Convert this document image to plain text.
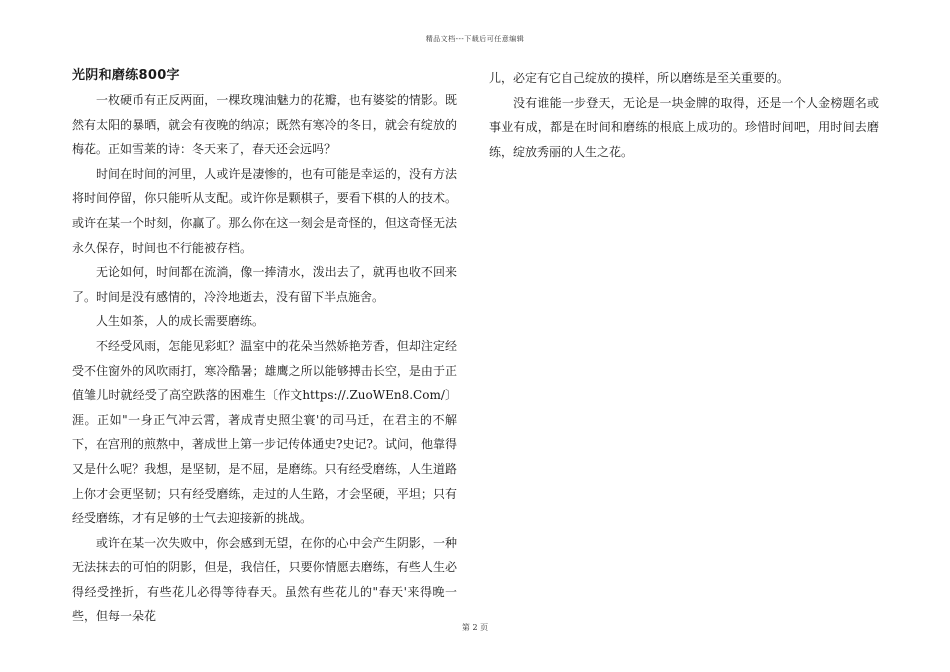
精品文档---下载后可任意编辑
光阴和磨练800字

一枚硬币有正反两面，一棵玫瑰油魅力的花瓣，也有婆娑的情影。既然有太阳的暴晒，就会有夜晚的纳凉；既然有寒冷的冬日，就会有绽放的梅花。正如雪莱的诗：冬天来了，春天还会远吗？

时间在时间的河里，人或许是凄惨的，也有可能是幸运的，没有方法将时间停留，你只能听从支配。或许你是颗棋子，要看下棋的人的技术。或许在某一个时刻，你赢了。那么你在这一刻会是奇怪的，但这奇怪无法永久保存，时间也不行能被存档。

无论如何，时间都在流淌，像一捧清水，泼出去了，就再也收不回来了。时间是没有感情的，冷泠地逝去，没有留下半点施舍。

人生如茶，人的成长需要磨练。

不经受风雨，怎能见彩虹？温室中的花朵当然娇艳芳香，但却注定经受不住窗外的风吹雨打，寒冷酷暑；雄鹰之所以能够搏击长空，是由于正值雏儿时就经受了高空跌落的困难生〔作文https://.ZuoWEn8.Com/〕涯。正如"一身正气冲云霄，著成青史照尘寰'的司马迁，在君主的不解下，在宫刑的煎熬中，著成世上第一步记传体通史?史记?。试问，他靠得又是什么呢？我想，是坚韧，是不屈，是磨练。只有经受磨练，人生道路上你才会更坚韧；只有经受磨练，走过的人生路，才会坚硬，平坦；只有经受磨练，才有足够的士气去迎接新的挑战。

或许在某一次失败中，你会感到无望，在你的心中会产生阴影，一种无法抹去的可怕的阴影，但是，我信任，只要你情愿去磨练，有些人生必得经受挫折，有些花儿必得等待春天。虽然有些花儿的"春天'来得晚一些，但每一朵花

儿，必定有它自己绽放的摸样，所以磨练是至关重要的。

没有谁能一步登天，无论是一块金牌的取得，还是一个人金榜题名或事业有成，都是在时间和磨练的根底上成功的。珍惜时间吧，用时间去磨练，绽放秀丽的人生之花。

第 2 页
